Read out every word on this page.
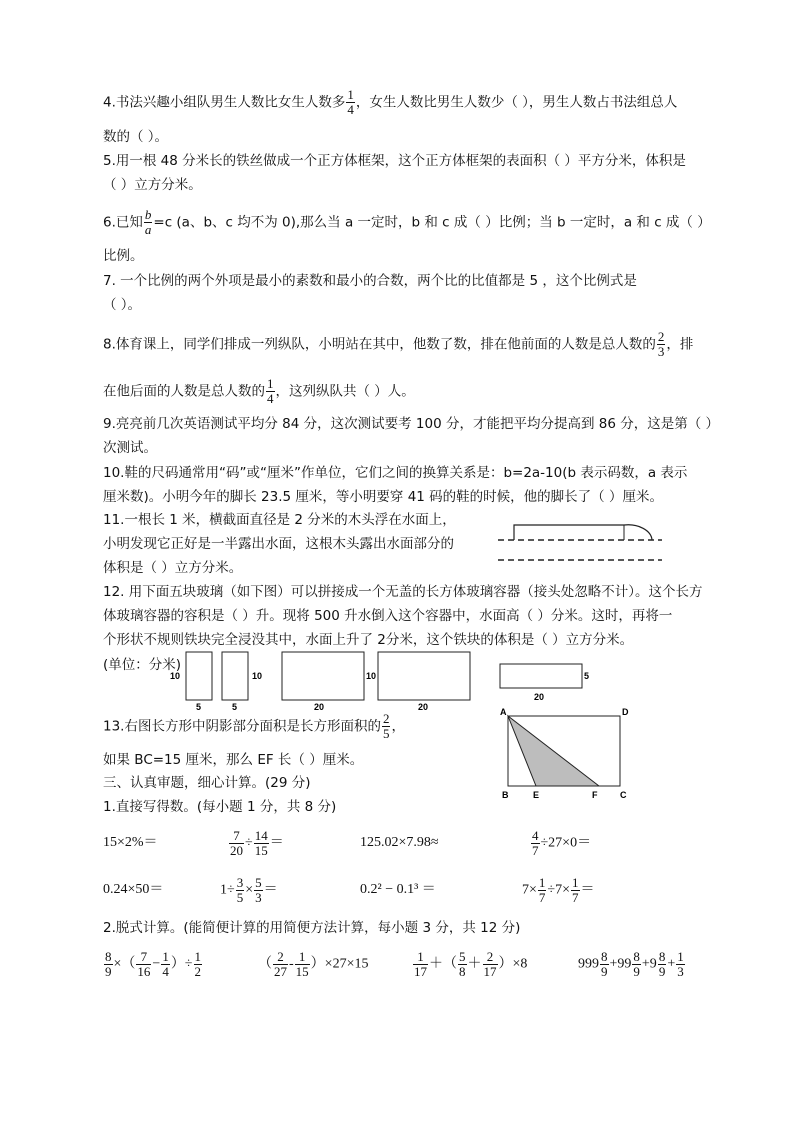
4.书法兴趣小组队男生人数比女生人数多 $\frac{1}{4}$ ，女生人数比男生人数少（ ），男生人数占书法组总人
数的（ ）。
5.用一根 48 分米长的铁丝做成一个正方体框架，这个正方体框架的表面积（ ）平方分米，体积是
（ ）立方分米。
6.已知 $\frac{b}{a} =c$ (a、b、c 均不为 0),那么当 a 一定时，b 和 c 成（ ）比例；当 b 一定时，a 和 c 成（ ）
比例。
7. 一个比例的两个外项是最小的素数和最小的合数，两个比的比值都是 5 ，这个比例式是
（ ）。
8.体育课上，同学们排成一列纵队，小明站在其中，他数了数，排在他前面的人数是总人数的 $\frac{2}{3}$ ，排
在他后面的人数是总人数的 $\frac{1}{4}$ ，这列纵队共（ ）人。
9.亮亮前几次英语测试平均分 84 分，这次测试要考 100 分，才能把平均分提高到 86 分，这是第（ ）
次测试。
10.鞋的尺码通常用“码”或“厘米”作单位，它们之间的换算关系是：b=2a-10(b 表示码数，a 表示
厘米数)。小明今年的脚长 23.5 厘米，等小明要穿 41 码的鞋的时候，他的脚长了（ ）厘米。
11.一根长 1 米，横截面直径是 2 分米的木头浮在水面上，
小明发现它正好是一半露出水面，这根木头露出水面部分的
体积是（ ）立方分米。
12. 用下面五块玻璃（如下图）可以拼接成一个无盖的长方体玻璃容器（接头处忽略不计）。这个长方
体玻璃容器的容积是（ ）升。现将 500 升水倒入这个容器中，水面高（ ）分米。这时，再将一
个形状不规则铁块完全浸没其中，水面上升了 2分米，这个铁块的体积是（ ）立方分米。
(单位：分米)
10
5
10
5
10
20	20
5
20
13.右图长方形中阴影部分面积是长方形面积的 $\frac{2}{5}$ ，
如果 BC=15 厘米，那么 EF 长（ ）厘米。
A	D
B	E	F	C
三、认真审题，细心计算。(29 分)
1.直接写得数。(每小题 1 分，共 8 分)
15×2%＝	$\frac{7}{20} \div \frac{14}{15}$ ＝	125.02×7.98≈	$\frac{4}{7} \div 27\times 0=$
0.24×50＝	$1\div \frac{3}{5} \times \frac{5}{3}$ ＝	0.2² − 0.1³ ＝	$7\times \frac{1}{7} \div 7\times \frac{1}{7}$ ＝
2.脱式计算。(能简便计算的用简便方法计算，每小题 3 分，共 12 分)
$\frac{8}{9}$ ×（ $\frac{7}{16} - \frac{1}{4}$ ）÷ $\frac{1}{2}$	（ $\frac{2}{27} - \frac{1}{15} )\times 27\times 15$	$\frac{1}{17}$ ＋（ $\frac{5}{8} + \frac{2}{17} )\times 8$	$999 \frac{8}{9} +99 \frac{8}{9} +9 \frac{8}{9} + \frac{1}{3}$
